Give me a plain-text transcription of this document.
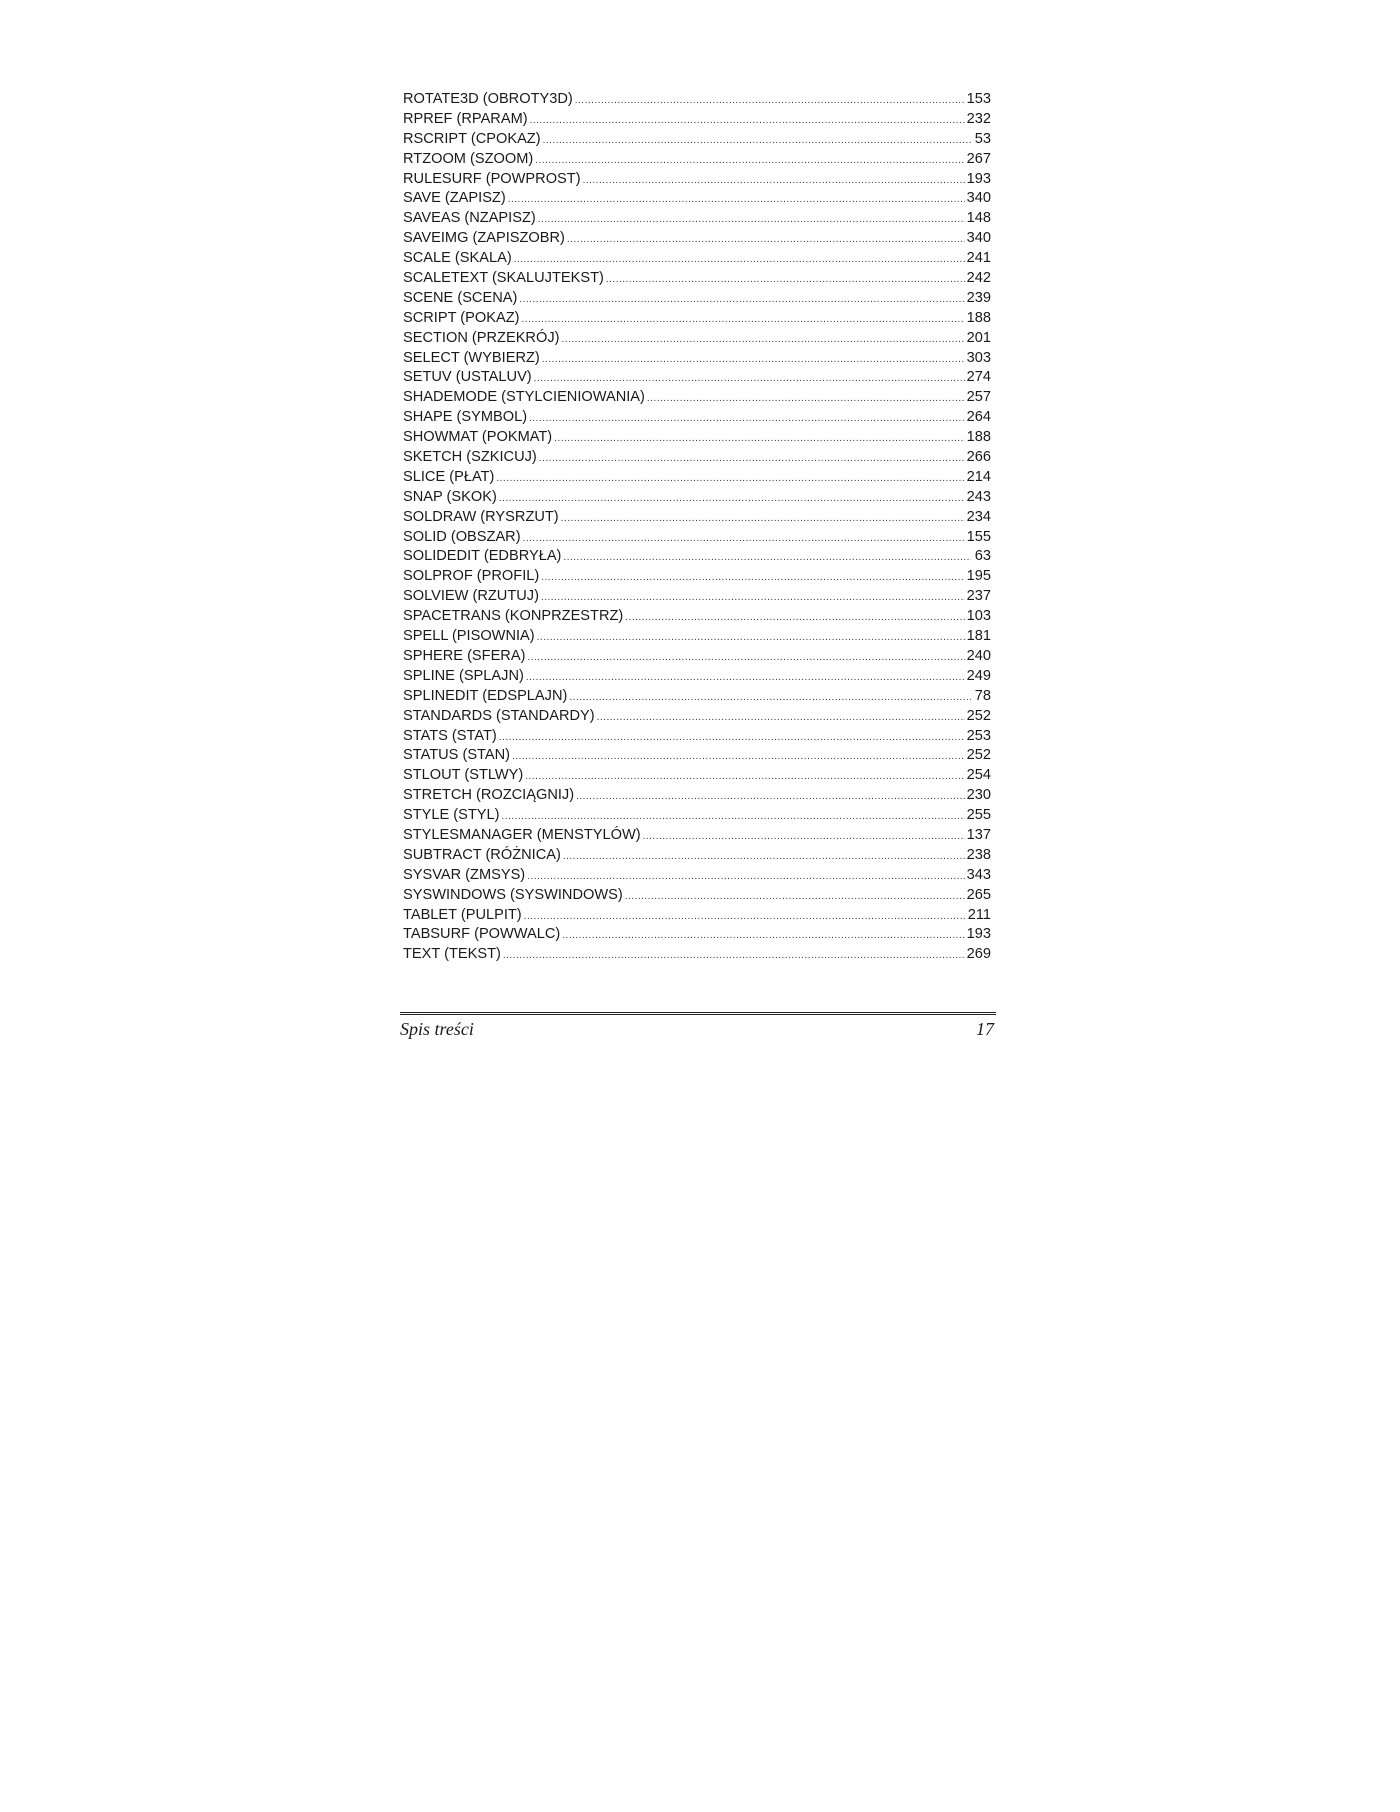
ROTATE3D (OBROTY3D) .....	153
RPREF (RPARAM) .....	232
RSCRIPT (CPOKAZ) .....	53
RTZOOM (SZOOM) .....	267
RULESURF (POWPROST) .....	193
SAVE (ZAPISZ) .....	340
SAVEAS (NZAPISZ) .....	148
SAVEIMG (ZAPISZOBR) .....	340
SCALE (SKALA) .....	241
SCALETEXT (SKALUJTEKST) .....	242
SCENE (SCENA) .....	239
SCRIPT (POKAZ) .....	188
SECTION (PRZEKRÓJ) .....	201
SELECT (WYBIERZ) .....	303
SETUV (USTALUV) .....	274
SHADEMODE (STYLCIENIOWANIA) .....	257
SHAPE (SYMBOL) .....	264
SHOWMAT (POKMAT) .....	188
SKETCH (SZKICUJ) .....	266
SLICE (PŁAT) .....	214
SNAP (SKOK) .....	243
SOLDRAW (RYSRZUT) .....	234
SOLID (OBSZAR) .....	155
SOLIDEDIT (EDBRYŁA) .....	63
SOLPROF (PROFIL) .....	195
SOLVIEW (RZUTUJ) .....	237
SPACETRANS (KONPRZESTRZ) .....	103
SPELL (PISOWNIA) .....	181
SPHERE (SFERA) .....	240
SPLINE (SPLAJN) .....	249
SPLINEDIT (EDSPLAJN) .....	78
STANDARDS (STANDARDY) .....	252
STATS (STAT) .....	253
STATUS (STAN) .....	252
STLOUT (STLWY) .....	254
STRETCH (ROZCIĄGNIJ) .....	230
STYLE (STYL) .....	255
STYLESMANAGER (MENSTYLÓW) .....	137
SUBTRACT (RÓŻNICA) .....	238
SYSVAR (ZMSYS) .....	343
SYSWINDOWS (SYSWINDOWS) .....	265
TABLET (PULPIT) .....	211
TABSURF (POWWALC) .....	193
TEXT (TEKST) .....	269
Spis treści	17
